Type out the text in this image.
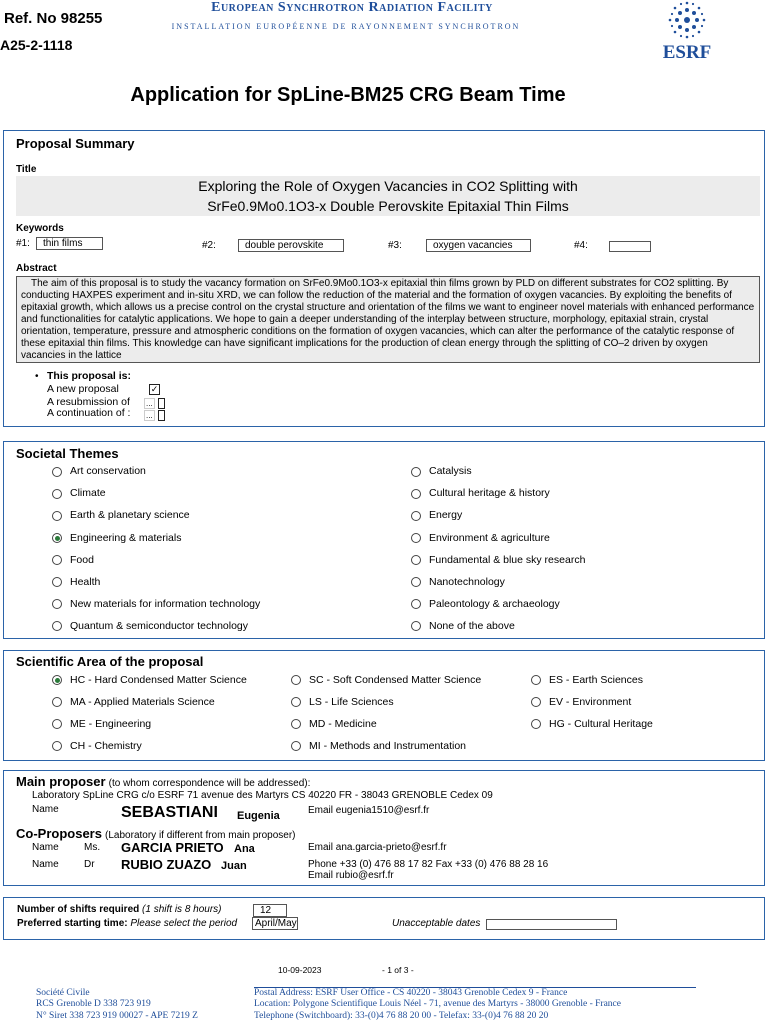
Ref. No 98255
A25-2-1118
European Synchrotron Radiation Facility
INSTALLATION EUROPÉENNE DE RAYONNEMENT SYNCHROTRON
ESRF
Application for SpLine-BM25 CRG Beam Time
Proposal Summary
Title
Exploring the Role of Oxygen Vacancies in CO2 Splitting with
SrFe0.9Mo0.1O3-x Double Perovskite Epitaxial Thin Films
Keywords
#1:	thin films	#2:	double perovskite	#3:	oxygen vacancies	#4:
Abstract
The aim of this proposal is to study the vacancy formation on SrFe0.9Mo0.1O3-x epitaxial thin films grown by PLD on different substrates for CO2 splitting. By conducting HAXPES experiment and in-situ XRD, we can follow the reduction of the material and the formation of oxygen vacancies. By exploiting the benefits of epitaxial growth, which allows us a precise control on the crystal structure and orientation of the films we want to engineer novel materials with enhanced performance and functionalities for catalytic applications. We hope to gain a deeper understanding of the interplay between structure, morphology, epitaxial strain, crystal orientation, temperature, pressure and atmospheric conditions on the formation of oxygen vacancies, which can alter the performance of the catalytic response of these epitaxial thin films. This knowledge can have significant implications for the production of clean energy through the splitting of CO–2 driven by oxygen vacancies in the lattice
• This proposal is:
A new proposal	✓
A resubmission of ...
A continuation of : ...
Societal Themes
Art conservation
Climate
Earth & planetary science
Engineering & materials
Food
Health
New materials for information technology
Quantum & semiconductor technology
Catalysis
Cultural heritage & history
Energy
Environment & agriculture
Fundamental & blue sky research
Nanotechnology
Paleontology & archaeology
None of the above
Scientific Area of the proposal
HC - Hard Condensed Matter Science
MA - Applied Materials Science
ME - Engineering
CH - Chemistry
SC - Soft Condensed Matter Science
LS - Life Sciences
MD - Medicine
MI - Methods and Instrumentation
ES - Earth Sciences
EV - Environment
HG - Cultural Heritage
Main proposer (to whom correspondence will be addressed):
Laboratory SpLine CRG c/o ESRF 71 avenue des Martyrs CS 40220 FR - 38043 GRENOBLE Cedex 09
Name	SEBASTIANI Eugenia	Email eugenia1510@esrf.fr
Co-Proposers (Laboratory if different from main proposer)
Name	Ms. GARCIA PRIETO Ana	Email ana.garcia-prieto@esrf.fr
Name	Dr RUBIO ZUAZO Juan	Phone +33 (0) 476 88 17 82 Fax +33 (0) 476 88 28 16
Email rubio@esrf.fr
Number of shifts required (1 shift is 8 hours)	12
Preferred starting time: Please select the period	April/May	Unacceptable dates
10-09-2023	- 1 of 3 -
Société Civile
RCS Grenoble D 338 723 919
N° Siret 338 723 919 00027 - APE 7219 Z
Postal Address: ESRF User Office - CS 40220 - 38043 Grenoble Cedex 9 - France
Location: Polygone Scientifique Louis Néel - 71, avenue des Martyrs - 38000 Grenoble - France
Telephone (Switchboard): 33-(0)4 76 88 20 00 - Telefax: 33-(0)4 76 88 20 20
